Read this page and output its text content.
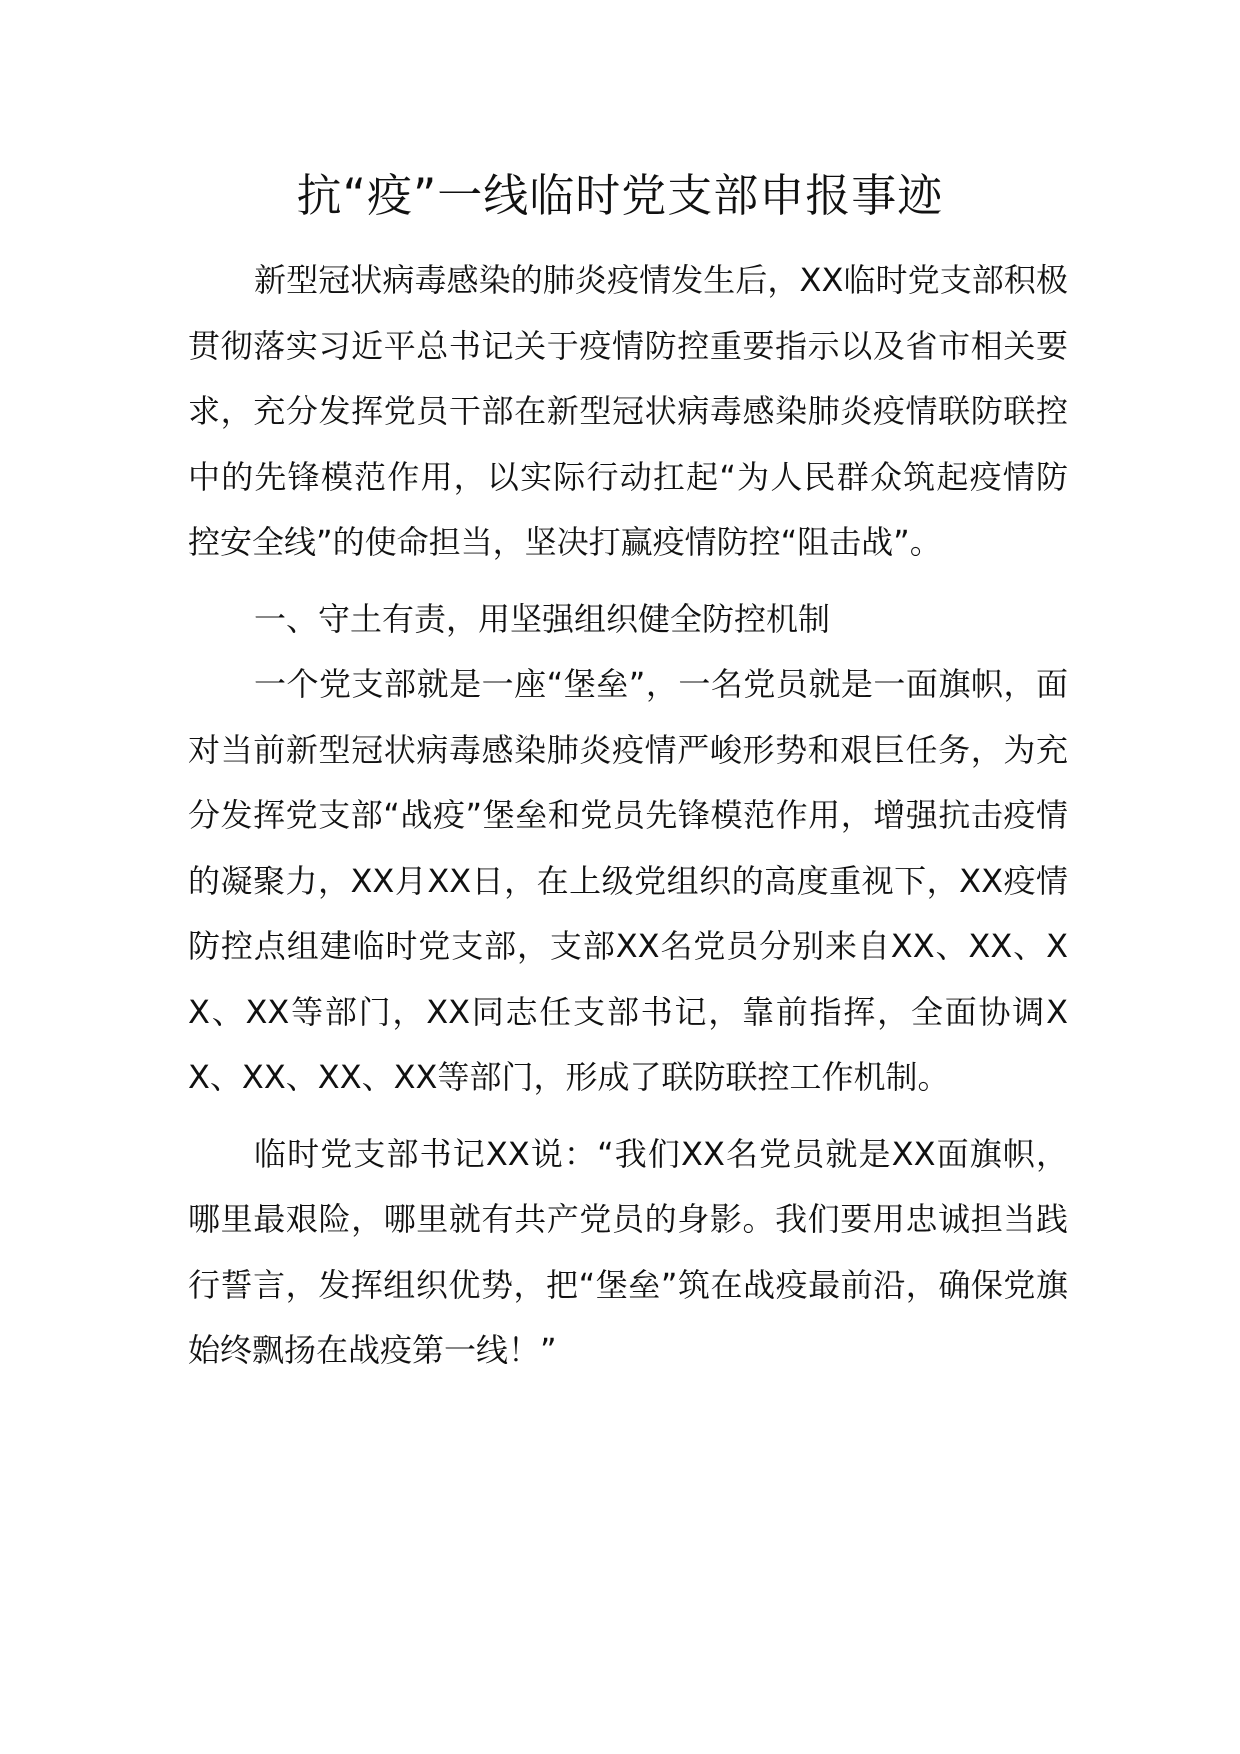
抗“疫”一线临时党支部申报事迹

新型冠状病毒感染的肺炎疫情发生后，XX临时党支部积极贯彻落实习近平总书记关于疫情防控重要指示以及省市相关要求，充分发挥党员干部在新型冠状病毒感染肺炎疫情联防联控中的先锋模范作用，以实际行动扛起“为人民群众筑起疫情防控安全线”的使命担当，坚决打赢疫情防控“阻击战”。

一、守土有责，用坚强组织健全防控机制

一个党支部就是一座“堡垒”，一名党员就是一面旗帜，面对当前新型冠状病毒感染肺炎疫情严峻形势和艰巨任务，为充分发挥党支部“战疫”堡垒和党员先锋模范作用，增强抗击疫情的凝聚力，XX月XX日，在上级党组织的高度重视下，XX疫情防控点组建临时党支部，支部XX名党员分别来自XX、XX、XX、XX等部门，XX同志任支部书记，靠前指挥，全面协调XX、XX、XX、XX等部门，形成了联防联控工作机制。

临时党支部书记XX说：“我们XX名党员就是XX面旗帜，哪里最艰险，哪里就有共产党员的身影。我们要用忠诚担当践行誓言，发挥组织优势，把“堡垒”筑在战疫最前沿，确保党旗始终飘扬在战疫第一线！”
